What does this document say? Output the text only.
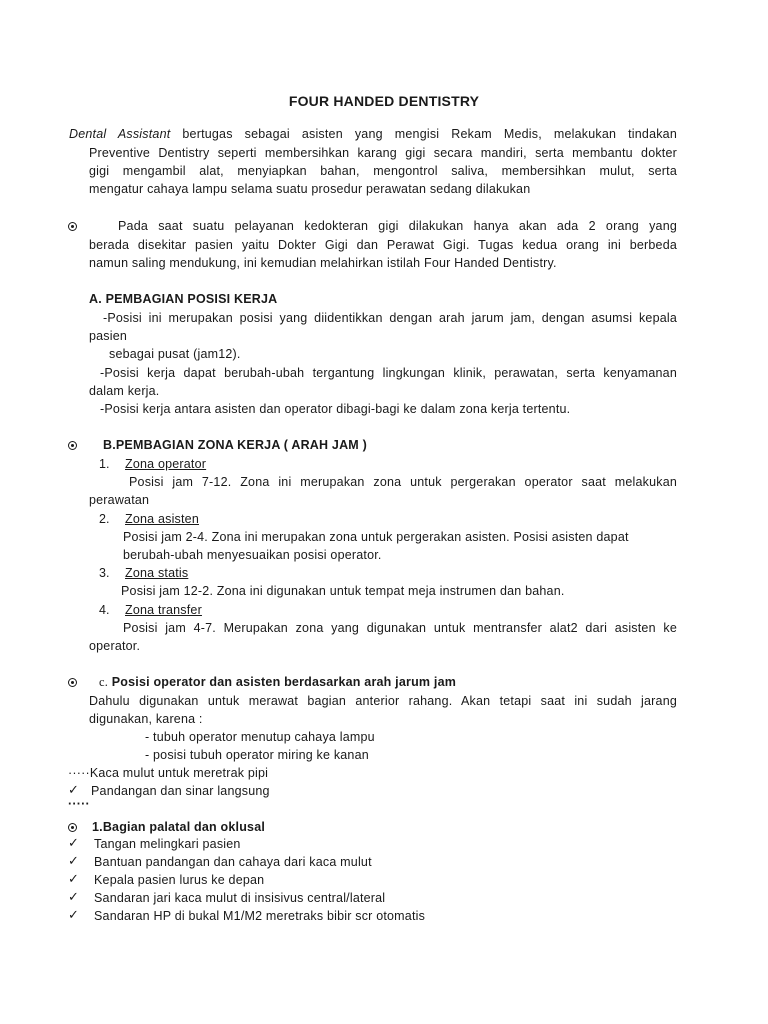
FOUR HANDED DENTISTRY
Dental Assistant bertugas sebagai asisten yang mengisi Rekam Medis, melakukan tindakan
Preventive Dentistry seperti membersihkan karang gigi secara mandiri, serta membantu dokter
gigi mengambil alat, menyiapkan bahan, mengontrol saliva, membersihkan mulut, serta
mengatur cahaya lampu selama suatu prosedur perawatan sedang dilakukan
Pada saat suatu pelayanan kedokteran gigi dilakukan hanya akan ada 2 orang yang
berada disekitar pasien yaitu Dokter Gigi dan Perawat Gigi. Tugas kedua orang ini berbeda
namun saling mendukung, ini kemudian melahirkan istilah Four Handed Dentistry.
A. PEMBAGIAN POSISI KERJA
-Posisi ini merupakan posisi yang diidentikkan dengan arah jarum jam, dengan asumsi kepala
pasien
sebagai pusat (jam12).
-Posisi kerja dapat berubah-ubah tergantung lingkungan klinik, perawatan, serta kenyamanan
dalam kerja.
-Posisi kerja antara asisten dan operator dibagi-bagi ke dalam zona kerja tertentu.
B.PEMBAGIAN ZONA KERJA ( ARAH JAM )
1. Zona operator
Posisi jam 7-12. Zona ini merupakan zona untuk pergerakan operator saat melakukan
perawatan
2. Zona asisten
Posisi jam 2-4. Zona ini merupakan zona untuk pergerakan asisten. Posisi asisten dapat
berubah-ubah menyesuaikan posisi operator.
3. Zona statis
Posisi jam 12-2. Zona ini digunakan untuk tempat meja instrumen dan bahan.
4. Zona transfer
Posisi jam 4-7. Merupakan zona yang digunakan untuk mentransfer alat2 dari asisten ke
operator.
c. Posisi operator dan asisten berdasarkan arah jarum jam
Dahulu digunakan untuk merawat bagian anterior rahang. Akan tetapi saat ini sudah jarang
digunakan, karena :
- tubuh operator menutup cahaya lampu
- posisi tubuh operator miring ke kanan
·····Kaca mulut untuk meretrak pipi
✓ Pandangan dan sinar langsung
·····
1.Bagian palatal dan oklusal
✓ Tangan melingkari pasien
✓ Bantuan pandangan dan cahaya dari kaca mulut
✓ Kepala pasien lurus ke depan
✓ Sandaran jari kaca mulut di insisivus central/lateral
✓ Sandaran HP di bukal M1/M2 meretraks bibir scr otomatis
